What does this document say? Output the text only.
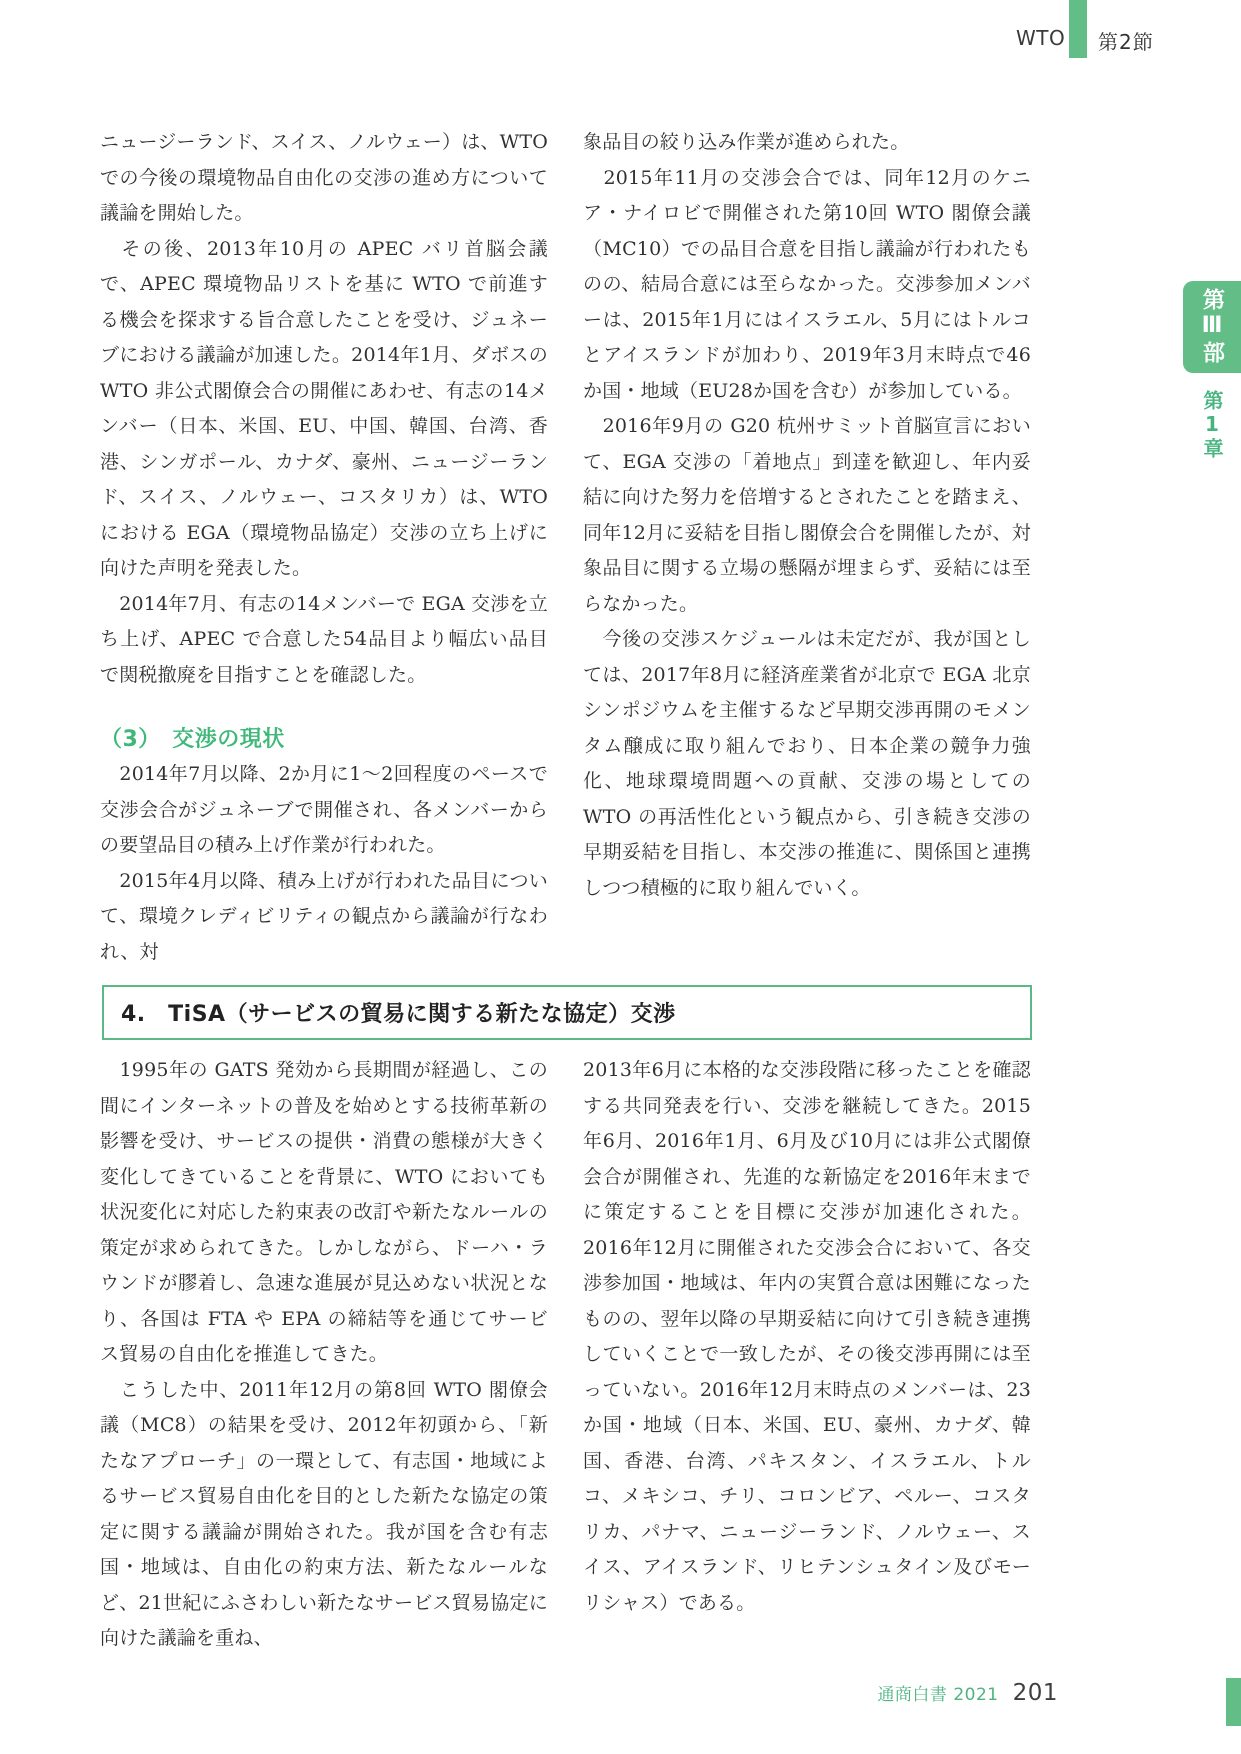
WTO 第2節
第Ⅲ部
第1章

ニュージーランド、スイス、ノルウェー）は、WTO での今後の環境物品自由化の交渉の進め方について議論を開始した。

　その後、2013年10月の APEC バリ首脳会議で、APEC 環境物品リストを基に WTO で前進する機会を探求する旨合意したことを受け、ジュネーブにおける議論が加速した。2014年1月、ダボスの WTO 非公式閣僚会合の開催にあわせ、有志の14メンバー（日本、米国、EU、中国、韓国、台湾、香港、シンガポール、カナダ、豪州、ニュージーランド、スイス、ノルウェー、コスタリカ）は、WTO における EGA（環境物品協定）交渉の立ち上げに向けた声明を発表した。

　2014年7月、有志の14メンバーで EGA 交渉を立ち上げ、APEC で合意した54品目より幅広い品目で関税撤廃を目指すことを確認した。

（3）　交渉の現状

　2014年7月以降、2か月に1〜2回程度のペースで交渉会合がジュネーブで開催され、各メンバーからの要望品目の積み上げ作業が行われた。

　2015年4月以降、積み上げが行われた品目について、環境クレディビリティの観点から議論が行なわれ、対

象品目の絞り込み作業が進められた。

　2015年11月の交渉会合では、同年12月のケニア・ナイロビで開催された第10回 WTO 閣僚会議（MC10）での品目合意を目指し議論が行われたものの、結局合意には至らなかった。交渉参加メンバーは、2015年1月にはイスラエル、5月にはトルコとアイスランドが加わり、2019年3月末時点で46か国・地域（EU28か国を含む）が参加している。

　2016年9月の G20 杭州サミット首脳宣言において、EGA 交渉の「着地点」到達を歓迎し、年内妥結に向けた努力を倍増するとされたことを踏まえ、同年12月に妥結を目指し閣僚会合を開催したが、対象品目に関する立場の懸隔が埋まらず、妥結には至らなかった。

　今後の交渉スケジュールは未定だが、我が国としては、2017年8月に経済産業省が北京で EGA 北京シンポジウムを主催するなど早期交渉再開のモメンタム醸成に取り組んでおり、日本企業の競争力強化、地球環境問題への貢献、交渉の場としての WTO の再活性化という観点から、引き続き交渉の早期妥結を目指し、本交渉の推進に、関係国と連携しつつ積極的に取り組んでいく。

4.　TiSA（サービスの貿易に関する新たな協定）交渉

　1995年の GATS 発効から長期間が経過し、この間にインターネットの普及を始めとする技術革新の影響を受け、サービスの提供・消費の態様が大きく変化してきていることを背景に、WTO においても状況変化に対応した約束表の改訂や新たなルールの策定が求められてきた。しかしながら、ドーハ・ラウンドが膠着し、急速な進展が見込めない状況となり、各国は FTA や EPA の締結等を通じてサービス貿易の自由化を推進してきた。

　こうした中、2011年12月の第8回 WTO 閣僚会議（MC8）の結果を受け、2012年初頭から、「新たなアプローチ」の一環として、有志国・地域によるサービス貿易自由化を目的とした新たな協定の策定に関する議論が開始された。我が国を含む有志国・地域は、自由化の約束方法、新たなルールなど、21世紀にふさわしい新たなサービス貿易協定に向けた議論を重ね、

2013年6月に本格的な交渉段階に移ったことを確認する共同発表を行い、交渉を継続してきた。2015年6月、2016年1月、6月及び10月には非公式閣僚会合が開催され、先進的な新協定を2016年末までに策定することを目標に交渉が加速化された。2016年12月に開催された交渉会合において、各交渉参加国・地域は、年内の実質合意は困難になったものの、翌年以降の早期妥結に向けて引き続き連携していくことで一致したが、その後交渉再開には至っていない。2016年12月末時点のメンバーは、23か国・地域（日本、米国、EU、豪州、カナダ、韓国、香港、台湾、パキスタン、イスラエル、トルコ、メキシコ、チリ、コロンビア、ペルー、コスタリカ、パナマ、ニュージーランド、ノルウェー、スイス、アイスランド、リヒテンシュタイン及びモーリシャス）である。

通商白書 2021 201
